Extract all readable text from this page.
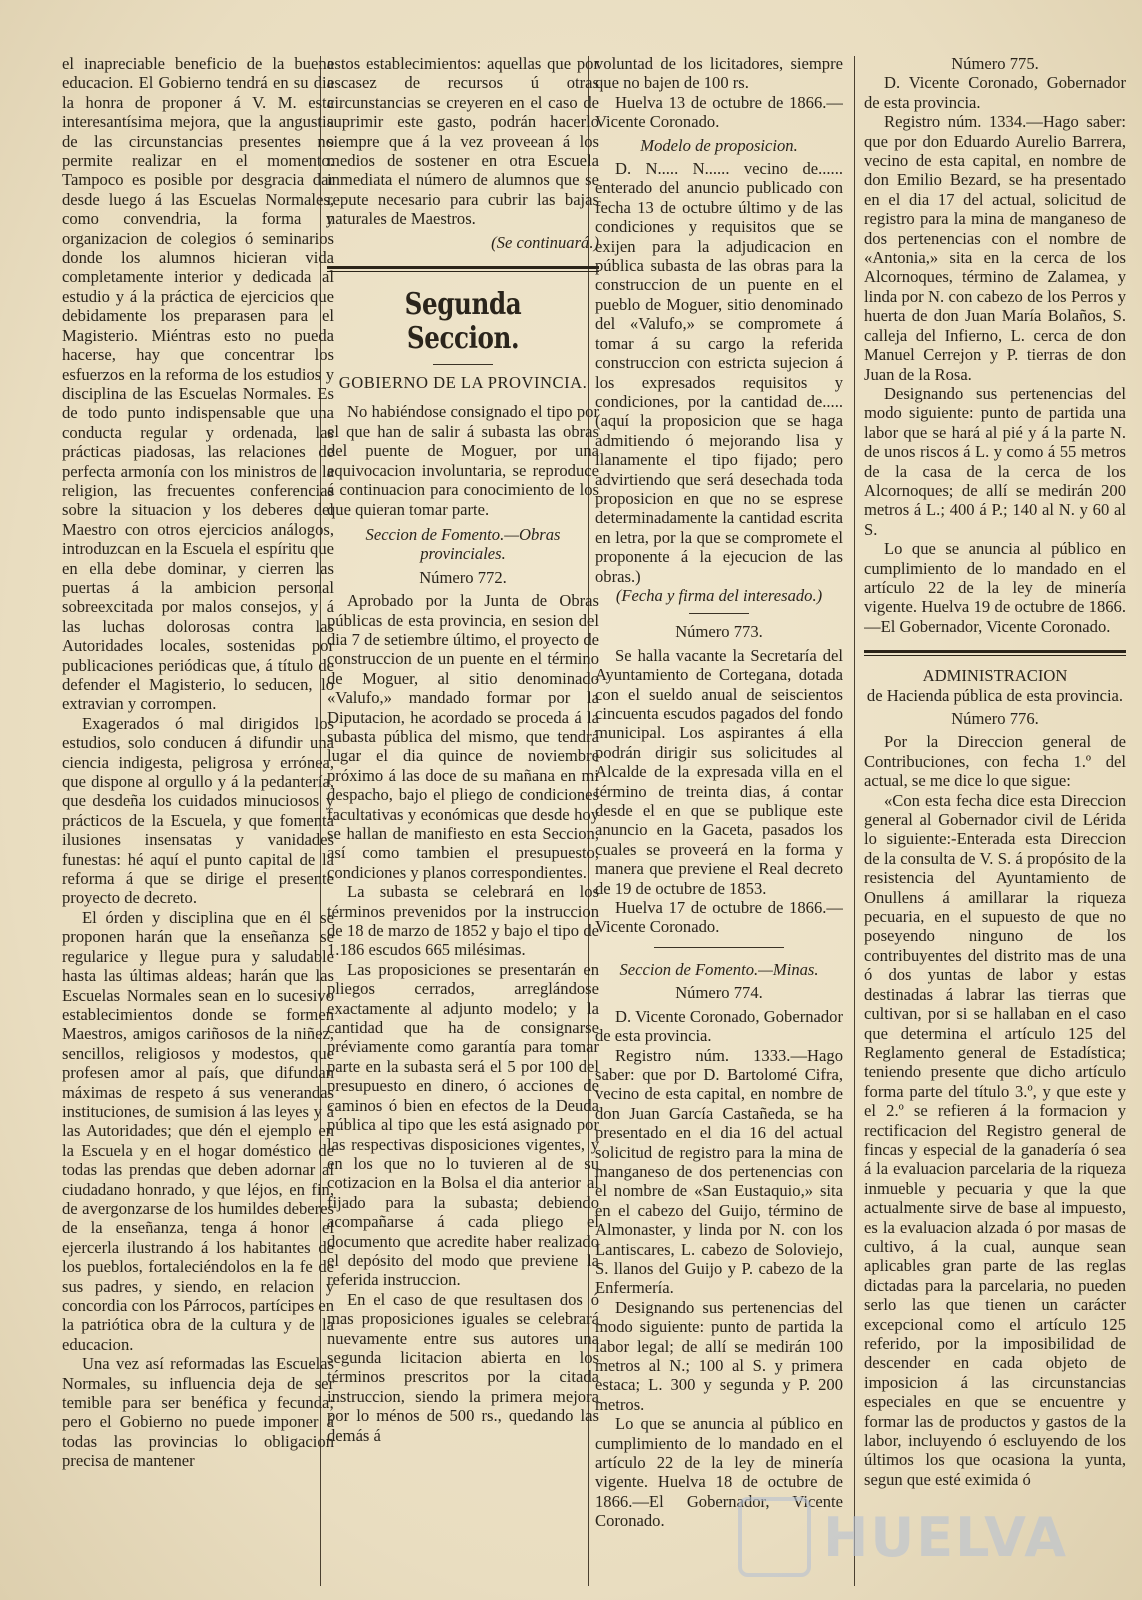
el inapreciable beneficio de la buena educacion. El Gobierno tendrá en su dia la honra de proponer á V. M. esta interesantísima mejora, que la angustia de las circunstancias presentes no permite realizar en el momento. Tampoco es posible por desgracia dar desde luego á las Escuelas Normales, como convendria, la forma y organizacion de colegios ó seminarios donde los alumnos hicieran vida completamente interior y dedicada al estudio y á la práctica de ejercicios que debidamente los preparasen para el Magisterio. Miéntras esto no pueda hacerse, hay que concentrar los esfuerzos en la reforma de los estudios y disciplina de las Escuelas Normales. Es de todo punto indispensable que una conducta regular y ordenada, las prácticas piadosas, las relaciones de perfecta armonía con los ministros de la religion, las frecuentes conferencias sobre la situacion y los deberes del Maestro con otros ejercicios análogos, introduzcan en la Escuela el espíritu que en ella debe dominar, y cierren las puertas á la ambicion personal sobreexcitada por malos consejos, y á las luchas dolorosas contra las Autoridades locales, sostenidas por publicaciones periódicas que, á título de defender el Magisterio, lo seducen, lo extravian y corrompen.

Exagerados ó mal dirigidos los estudios, solo conducen á difundir una ciencia indigesta, peligrosa y errónea, que dispone al orgullo y á la pedantería, que desdeña los cuidados minuciosos y prácticos de la Escuela, y que fomenta ilusiones insensatas y vanidades funestas: hé aquí el punto capital de la reforma á que se dirige el presente proyecto de decreto.

El órden y disciplina que en él se proponen harán que la enseñanza se regularice y llegue pura y saludable hasta las últimas aldeas; harán que las Escuelas Normales sean en lo sucesivo establecimientos donde se formen Maestros, amigos cariñosos de la niñez, sencillos, religiosos y modestos, que profesen amor al país, que difundan máximas de respeto á sus venerandas instituciones, de sumision á las leyes y á las Autoridades; que dén el ejemplo en la Escuela y en el hogar doméstico de todas las prendas que deben adornar al ciudadano honrado, y que léjos, en fin, de avergonzarse de los humildes deberes de la enseñanza, tenga á honor el ejercerla ilustrando á los habitantes de los pueblos, fortaleciéndolos en la fe de sus padres, y siendo, en relacion y concordia con los Párrocos, partícipes en la patriótica obra de la cultura y de la educacion.

Una vez así reformadas las Escuelas Normales, su influencia deja de ser temible para ser benéfica y fecunda; pero el Gobierno no puede imponer á todas las provincias lo obligacion precisa de mantener

estos establecimientos: aquellas que por escasez de recursos ú otras circunstancias se creyeren en el caso de suprimir este gasto, podrán hacerlo siempre que á la vez proveean á los medios de sostener en otra Escuela inmediata el número de alumnos que se repute necesario para cubrir las bajas naturales de Maestros.

(Se continuará.)

Segunda Seccion.

GOBIERNO DE LA PROVINCIA.

No habiéndose consignado el tipo por el que han de salir á subasta las obras del puente de Moguer, por una equivocacion involuntaria, se reproduce á continuacion para conocimiento de los que quieran tomar parte.

Seccion de Fomento.—Obras provinciales.

Número 772.

Aprobado por la Junta de Obras públicas de esta provincia, en sesion del dia 7 de setiembre último, el proyecto de construccion de un puente en el término de Moguer, al sitio denominado «Valufo,» mandado formar por la Diputacion, he acordado se proceda á la subasta pública del mismo, que tendrá lugar el dia quince de noviembre próximo á las doce de su mañana en mi despacho, bajo el pliego de condiciones facultativas y económicas que desde hoy se hallan de manifiesto en esta Seccion, así como tambien el presupuesto, condiciones y planos correspondientes.

La subasta se celebrará en los términos prevenidos por la instruccion de 18 de marzo de 1852 y bajo el tipo de 1.186 escudos 665 milésimas.

Las proposiciones se presentarán en pliegos cerrados, arreglándose exactamente al adjunto modelo; y la cantidad que ha de consignarse préviamente como garantía para tomar parte en la subasta será el 5 por 100 del presupuesto en dinero, ó acciones de caminos ó bien en efectos de la Deuda pública al tipo que les está asignado por las respectivas disposiciones vigentes, y en los que no lo tuvieren al de su cotizacion en la Bolsa el dia anterior al fijado para la subasta; debiendo acompañarse á cada pliego el documento que acredite haber realizado el depósito del modo que previene la referida instruccion.

En el caso de que resultasen dos ó mas proposiciones iguales se celebrará nuevamente entre sus autores una segunda licitacion abierta en los términos prescritos por la citada instruccion, siendo la primera mejora por lo ménos de 500 rs., quedando las demás á

voluntad de los licitadores, siempre que no bajen de 100 rs.

Huelva 13 de octubre de 1866.—Vicente Coronado.

Modelo de proposicion.

D. N..... N...... vecino de...... enterado del anuncio publicado con fecha 13 de octubre último y de las condiciones y requisitos que se exijen para la adjudicacion en pública subasta de las obras para la construccion de un puente en el pueblo de Moguer, sitio denominado del «Valufo,» se compromete á tomar á su cargo la referida construccion con estricta sujecion á los expresados requisitos y condiciones, por la cantidad de..... (aquí la proposicion que se haga admitiendo ó mejorando lisa y llanamente el tipo fijado; pero advirtiendo que será desechada toda proposicion en que no se esprese determinadamente la cantidad escrita en letra, por la que se compromete el proponente á la ejecucion de las obras.)

(Fecha y firma del interesado.)

Número 773.

Se halla vacante la Secretaría del Ayuntamiento de Cortegana, dotada con el sueldo anual de seiscientos cincuenta escudos pagados del fondo municipal. Los aspirantes á ella podrán dirigir sus solicitudes al Alcalde de la expresada villa en el término de treinta dias, á contar desde el en que se publique este anuncio en la Gaceta, pasados los cuales se proveerá en la forma y manera que previene el Real decreto de 19 de octubre de 1853.

Huelva 17 de octubre de 1866.—Vicente Coronado.

Seccion de Fomento.—Minas.

Número 774.

D. Vicente Coronado, Gobernador de esta provincia.

Registro núm. 1333.—Hago saber: que por D. Bartolomé Cifra, vecino de esta capital, en nombre de don Juan García Castañeda, se ha presentado en el dia 16 del actual solicitud de registro para la mina de manganeso de dos pertenencias con el nombre de «San Eustaquio,» sita en el cabezo del Guijo, término de Almonaster, y linda por N. con los Lantiscares, L. cabezo de Soloviejo, S. llanos del Guijo y P. cabezo de la Enfermería.

Designando sus pertenencias del modo siguiente: punto de partida la labor legal; de allí se medirán 100 metros al N.; 100 al S. y primera estaca; L. 300 y segunda y P. 200 metros.

Lo que se anuncia al público en cumplimiento de lo mandado en el artículo 22 de la ley de minería vigente. Huelva 18 de octubre de 1866.—El Gobernador, Vicente Coronado.

Número 775.

D. Vicente Coronado, Gobernador de esta provincia.

Registro núm. 1334.—Hago saber: que por don Eduardo Aurelio Barrera, vecino de esta capital, en nombre de don Emilio Bezard, se ha presentado en el dia 17 del actual, solicitud de registro para la mina de manganeso de dos pertenencias con el nombre de «Antonia,» sita en la cerca de los Alcornoques, término de Zalamea, y linda por N. con cabezo de los Perros y huerta de don Juan María Bolaños, S. calleja del Infierno, L. cerca de don Manuel Cerrejon y P. tierras de don Juan de la Rosa.

Designando sus pertenencias del modo siguiente: punto de partida una labor que se hará al pié y á la parte N. de unos riscos á L. y como á 55 metros de la casa de la cerca de los Alcornoques; de allí se medirán 200 metros á L.; 400 á P.; 140 al N. y 60 al S.

Lo que se anuncia al público en cumplimiento de lo mandado en el artículo 22 de la ley de minería vigente. Huelva 19 de octubre de 1866.—El Gobernador, Vicente Coronado.

ADMINISTRACION

de Hacienda pública de esta provincia.

Número 776.

Por la Direccion general de Contribuciones, con fecha 1.º del actual, se me dice lo que sigue:

«Con esta fecha dice esta Direccion general al Gobernador civil de Lérida lo siguiente:-Enterada esta Direccion de la consulta de V. S. á propósito de la resistencia del Ayuntamiento de Onullens á amillarar la riqueza pecuaria, en el supuesto de que no poseyendo ninguno de los contribuyentes del distrito mas de una ó dos yuntas de labor y estas destinadas á labrar las tierras que cultivan, por si se hallaban en el caso que determina el artículo 125 del Reglamento general de Estadística; teniendo presente que dicho artículo forma parte del título 3.º, y que este y el 2.º se refieren á la formacion y rectificacion del Registro general de fincas y especial de la ganadería ó sea á la evaluacion parcelaria de la riqueza inmueble y pecuaria y que la que actualmente sirve de base al impuesto, es la evaluacion alzada ó por masas de cultivo, á la cual, aunque sean aplicables gran parte de las reglas dictadas para la parcelaria, no pueden serlo las que tienen un carácter excepcional como el artículo 125 referido, por la imposibilidad de descender en cada objeto de imposicion á las circunstancias especiales en que se encuentre y formar las de productos y gastos de la labor, incluyendo ó escluyendo de los últimos los que ocasiona la yunta, segun que esté eximida ó

HUELVA
